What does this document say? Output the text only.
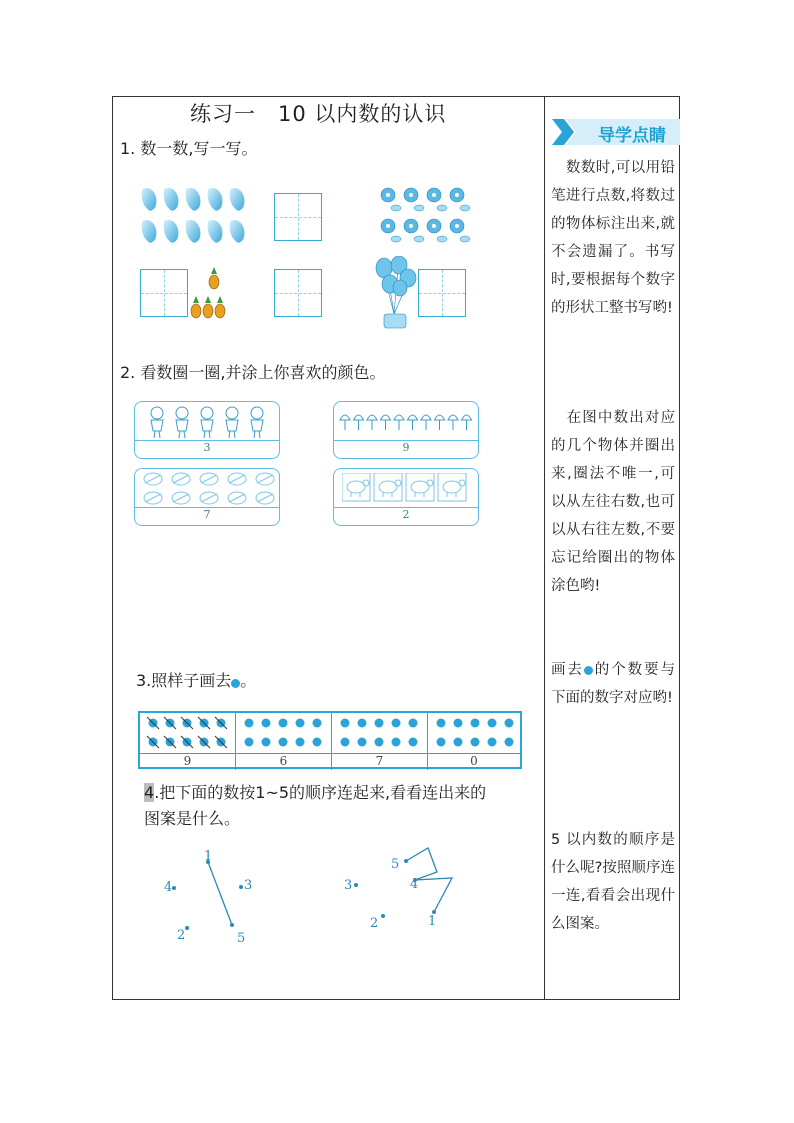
练习一　10 以内数的认识
1. 数一数,写一写。
2. 看数圈一圈,并涂上你喜欢的颜色。
3	9
7	2
3.照样子画去 。
9	6	7	0
4.把下面的数按1~5的顺序连起来,看看连出来的
图案是什么。
1
2
3
4
5
1
2
3	4
5
导学点睛
　数数时,可以用铅笔进行点数,将数过的物体标注出来,就不会遗漏了。书写时,要根据每个数字的形状工整书写哟!
　在图中数出对应的几个物体并圈出来,圈法不唯一,可以从左往右数,也可以从右往左数,不要忘记给圈出的物体涂色哟!
画去 的个数要与下面的数字对应哟!
5 以内数的顺序是什么呢?按照顺序连一连,看看会出现什么图案。
